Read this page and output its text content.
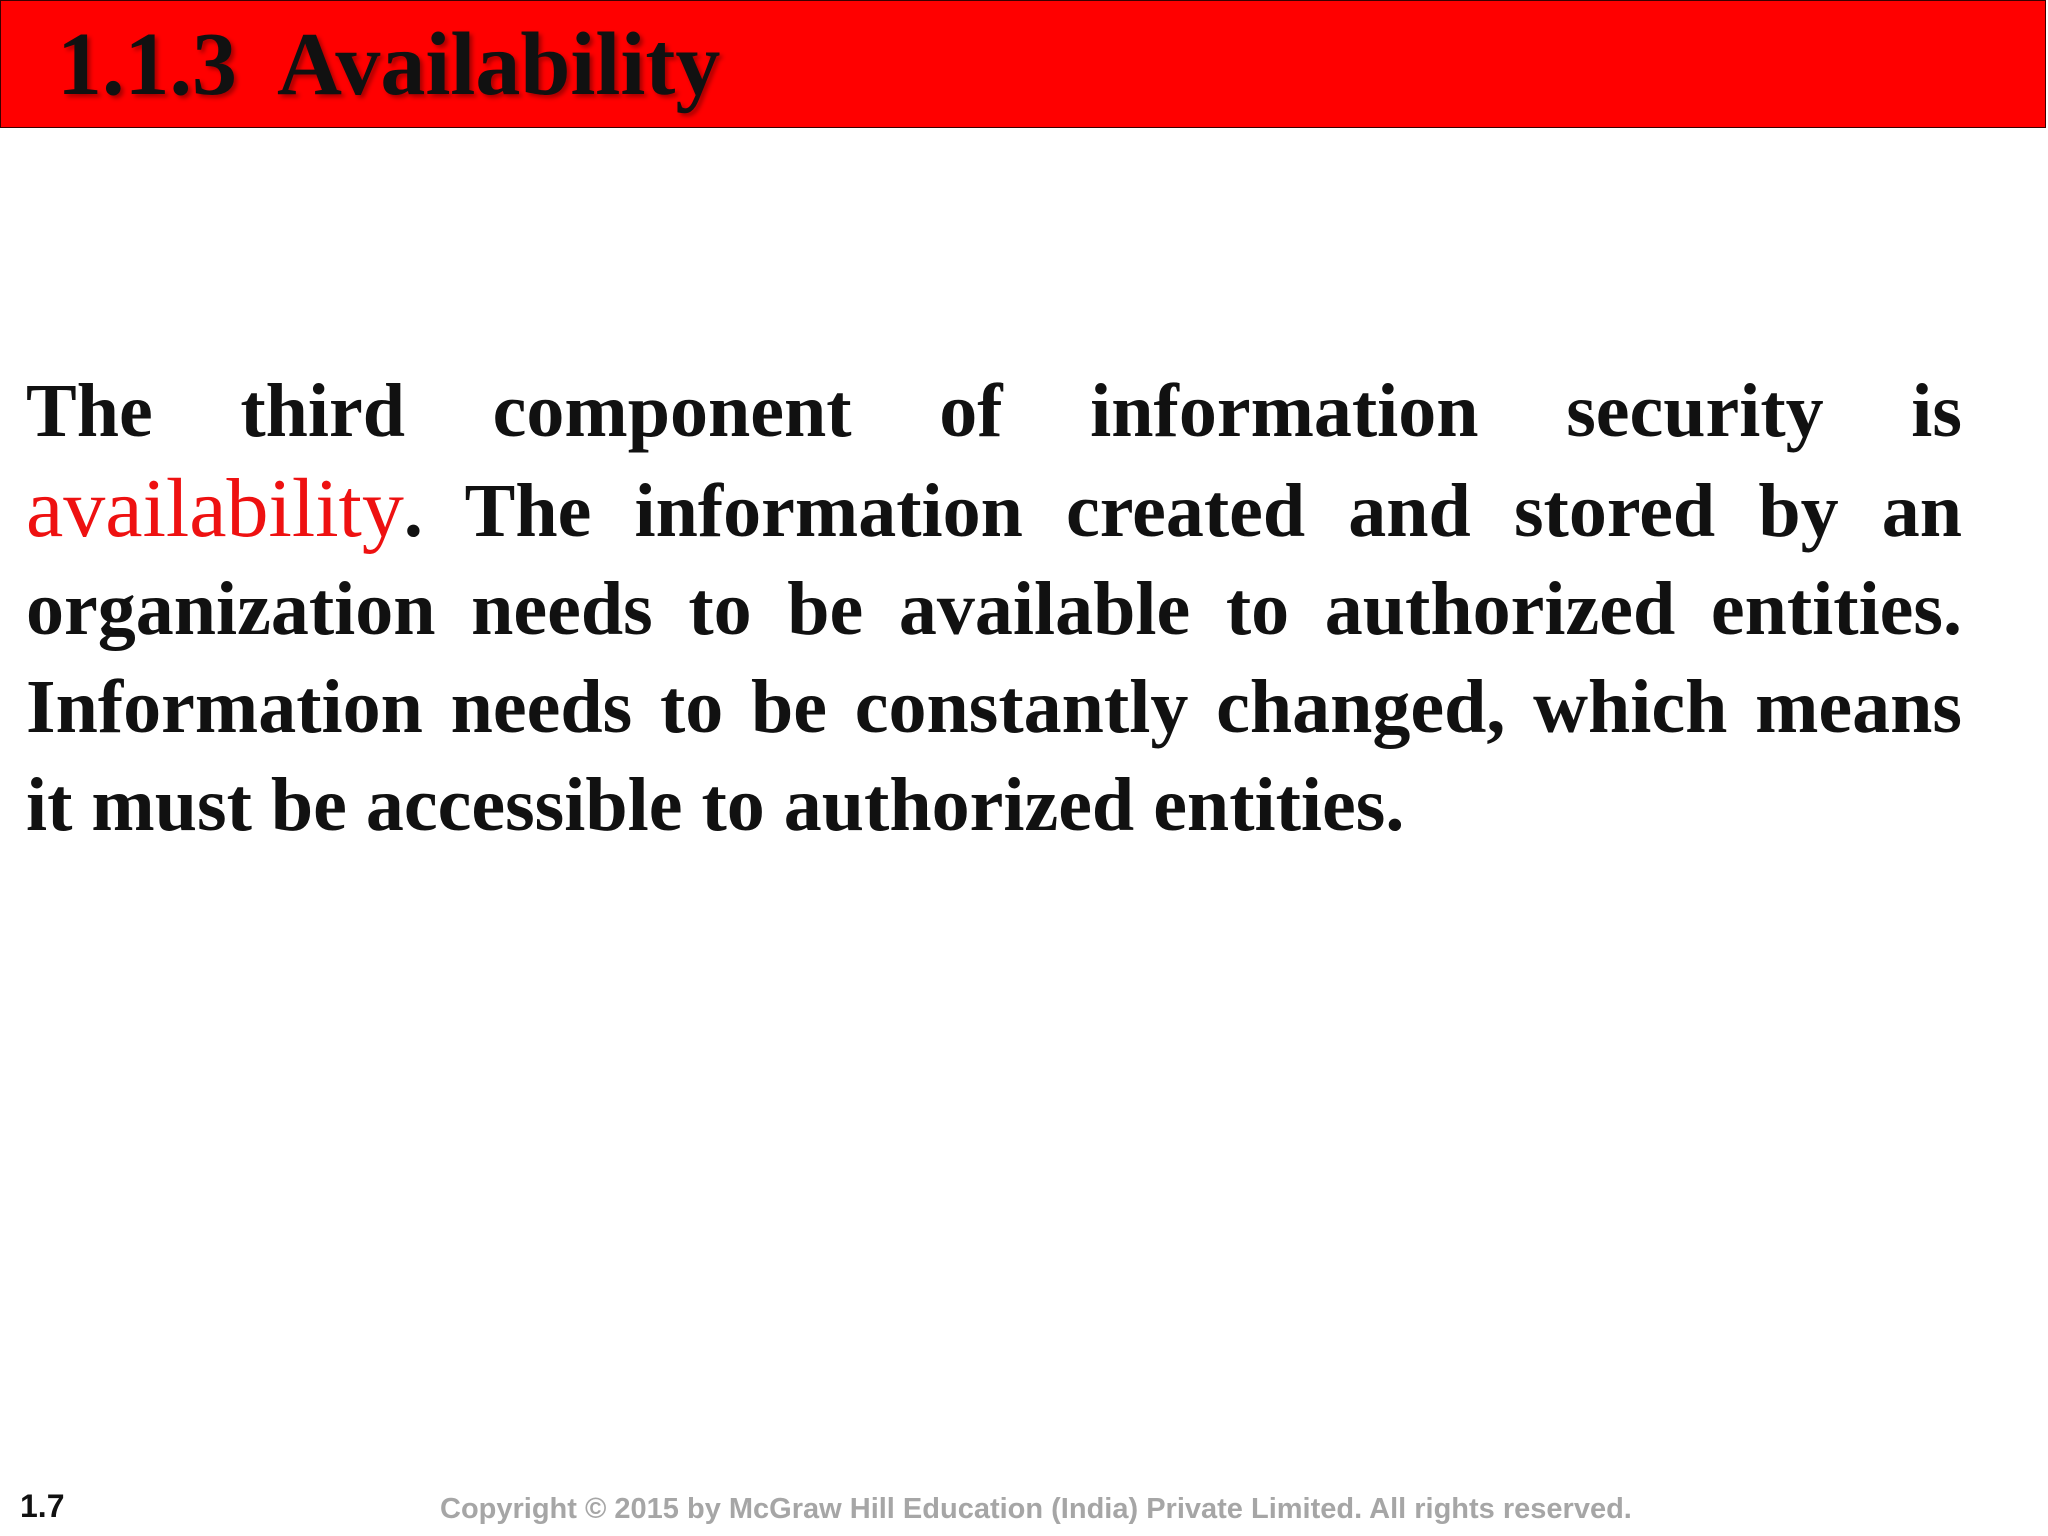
1.1.3  Availability
The third component of information security is availability. The information created and stored by an organization needs to be available to authorized entities. Information needs to be constantly changed, which means it must be accessible to authorized entities.
1.7	Copyright © 2015 by McGraw Hill Education (India) Private Limited. All rights reserved.
